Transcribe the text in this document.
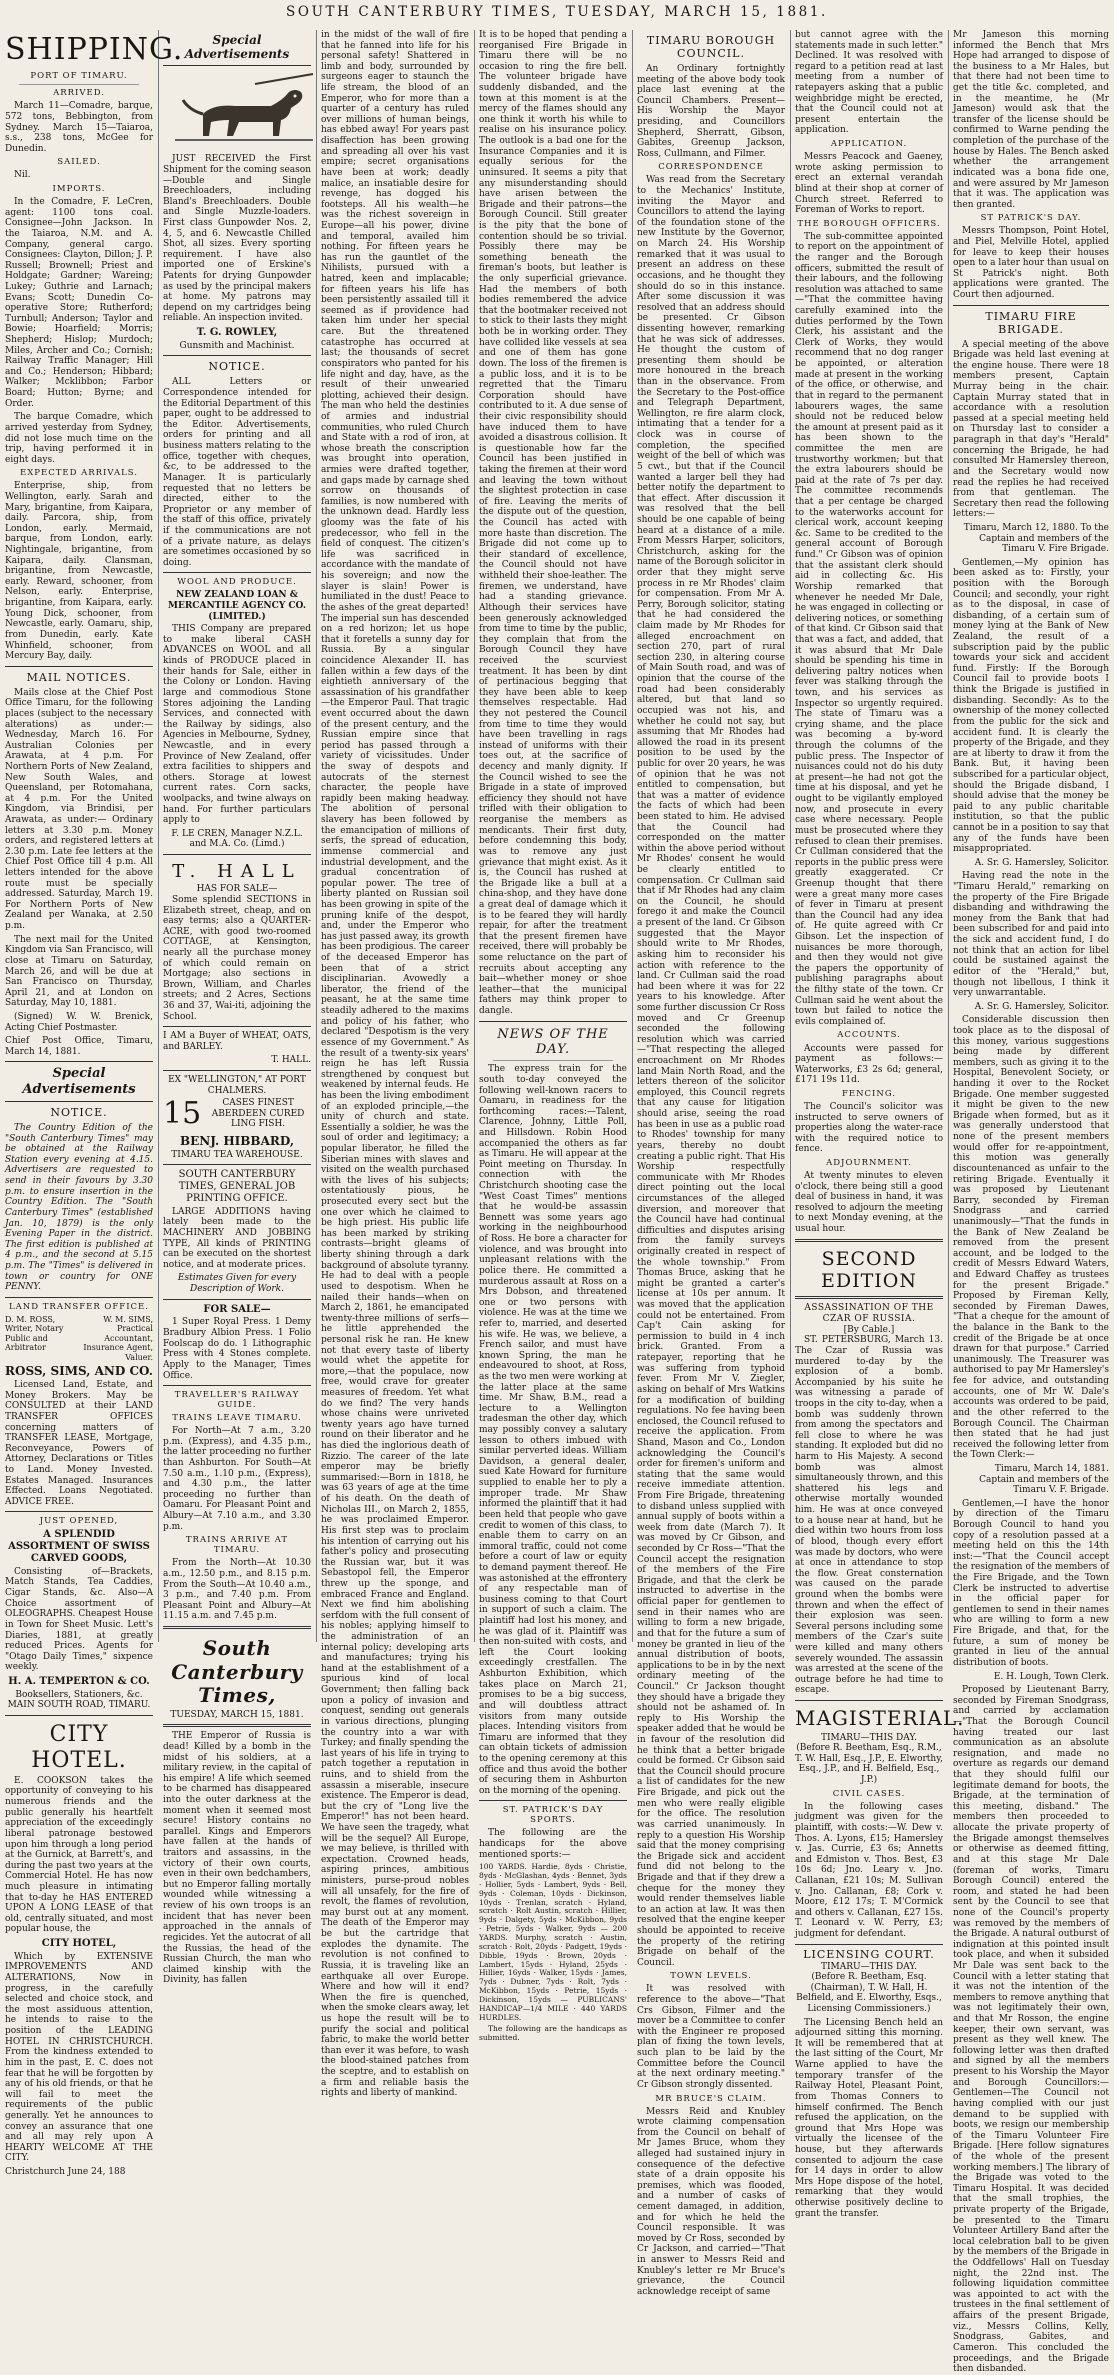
SOUTH CANTERBURY TIMES, TUESDAY, MARCH 15, 1881.
SHIPPING.
PORT OF TIMARU.
ARRIVED.

March 11—Comadre, barque, 572 tons, Bebbington, from Sydney. March 15—Taiaroa, s.s., 238 tons, McGee for Dunedin.

SAILED.

Nil.

IMPORTS.

In the Comadre, F. LeCren, agent: 1100 tons coal. Consignee—John Jackson. In the Taiaroa, N.M. and A. Company, general cargo. Consignees: Clayton, Dillon; J. P. Russell; Brownell; Priest and Holdgate; Gardner; Wareing; Lukey; Guthrie and Larnach; Evans; Scott; Dunedin Co-operative Store; Rutherford; Turnbull; Anderson; Taylor and Bowie; Hoarfield; Morris; Shepherd; Hislop; Murdoch; Miles, Archer and Co.; Cornish; Railway Traffic Manager; Hill and Co.; Henderson; Hibbard; Walker; Mcklibbon; Farbor Board; Hutton; Byrne; and Order.

The barque Comadre, which arrived yesterday from Sydney, did not lose much time on the trip, having performed it in eight days.

EXPECTED ARRIVALS.

Enterprise, ship, from Wellington, early. Sarah and Mary, brigantine, from Kaipara, daily. Parcora, ship, from London, early. Mermaid, barque, from London, early. Nightingale, brigantine, from Kaipara, daily. Clansman, brigantine, from Newcastle, early. Reward, schooner, from Nelson, early. Enterprise, brigantine, from Kaipara, early. Young Dick, schooner, from Newcastle, early. Oamaru, ship, from Dunedin, early. Kate Whinfield, schooner, from Mercury Bay, daily.

MAIL NOTICES.

Mails close at the Chief Post Office Timaru, for the following places (subject to the necessary alterations) as under:— Wednesday, March 16. For Australian Colonies per Arawata, at 4 p.m. For Northern Ports of New Zealand, New South Wales, and Queensland, per Rotomahana, at 4 p.m. For the United Kingdom, via Brindisi, per Arawata, as under:— Ordinary letters at 3.30 p.m. Money orders, and registered letters at 2.30 p.m. Late fee letters at the Chief Post Office till 4 p.m. All letters intended for the above route must be specially addressed. Saturday, March 19. For Northern Ports of New Zealand per Wanaka, at 2.50 p.m.

The next mail for the United Kingdom via San Francisco, will close at Timaru on Saturday, March 26, and will be due at San Francisco on Thursday, April 21, and at London on Saturday, May 10, 1881.

(Signed) W. W. Brenick, Acting Chief Postmaster.

Chief Post Office, Timaru, March 14, 1881.

Special Advertisements
NOTICE.

The Country Edition of the "South Canterbury Times" may be obtained at the Railway Station every evening at 4.15. Advertisers are requested to send in their favours by 3.30 p.m. to ensure insertion in the Country Edition. The "South Canterbury Times" (established Jan. 10, 1879) is the only Evening Paper in the district. The first edition is published at 4 p.m., and the second at 5.15 p.m. The "Times" is delivered in town or country for ONE PENNY.

LAND TRANSFER OFFICE.
D. M. ROSS, Writer, Notary Public and Arbitrator
W. M. SIMS, Practical Accountant, Insurance Agent, Valuer.
ROSS, SIMS, AND CO.

Licensed Land, Estate, and Money Brokers. May be CONSULTED at their LAND TRANSFER OFFICES concerning matters of TRANSFER LEASE, Mortgage, Reconveyance, Powers of Attorney, Declarations or Titles to Land. Money Invested. Estates Managed. Insurances Effected. Loans Negotiated. ADVICE FREE.

JUST OPENED,
A SPLENDID ASSORTMENT OF SWISS CARVED GOODS,

Consisting of—Brackets, Match Stands, Tea Caddies, Cigar Stands, &c. Also—A Choice assortment of OLEOGRAPHS. Cheapest House in Town for Sheet Music. Lett's Diaries, 1881, at greatly reduced Prices. Agents for "Otago Daily Times," sixpence weekly.

H. A. TEMPERTON & CO.
Booksellers, Stationers, &c. MAIN SOUTH ROAD, TIMARU.
CITY HOTEL.

E. COOKSON takes the opportunity of conveying to his numerous friends and the public generally his heartfelt appreciation of the exceedingly liberal patronage bestowed upon him through a long period at the Gurnick, at Barrett's, and during the past two years at the Commercial Hotel. He has now much pleasure in intimating that to-day he HAS ENTERED UPON A LONG LEASE of that old, centrally situated, and most popular house, the

CITY HOTEL,

Which by EXTENSIVE IMPROVEMENTS AND ALTERATIONS, Now in progress, in the carefully selected and choice stock, and the most assiduous attention, he intends to raise to the position of the LEADING HOTEL IN CHRISTCHURCH. From the kindness extended to him in the past, E. C. does not fear that he will be forgotten by any of his old friends, or that he will fail to meet the requirements of the public generally. Yet he announces to convey an assurance that one and all may rely upon A HEARTY WELCOME AT THE CITY.

Christchurch June 24, 188

Special Advertisements

JUST RECEIVED the First Shipment for the coming season—Double and Single Breechloaders, including Bland's Breechloaders. Double and Single Muzzle-loaders. First class Gunpowder Nos. 2, 4, 5, and 6. Newcastle Chilled Shot, all sizes. Every sporting requirement. I have also imported one of Erskine's Patents for drying Gunpowder as used by the principal makers at home. My patrons may depend on my cartridges being reliable. An inspection invited.

T. G. ROWLEY,
Gunsmith and Machinist.
NOTICE.

ALL Letters or Correspondence intended for the Editorial Department of this paper, ought to be addressed to the Editor. Advertisements, orders for printing and all business matters relating to the office, together with cheques, &c, to be addressed to the Manager. It is particularly requested that no letters be directed, either to the Proprietor or any member of the staff of this office, privately if the communications are not of a private nature, as delays are sometimes occasioned by so doing.

WOOL AND PRODUCE.
NEW ZEALAND LOAN & MERCANTILE AGENCY CO. (LIMITED.)

THIS Company are prepared to make liberal CASH ADVANCES on WOOL and all kinds of PRODUCE placed in their hands for Sale, either in the Colony or London. Having large and commodious Stone Stores adjoining the Landing Services, and connected with the Railway by sidings, also Agencies in Melbourne, Sydney, Newcastle, and in every Province of New Zealand, offer extra facilities to shippers and others. Storage at lowest current rates. Corn sacks, woolpacks, and twine always on hand. For further particulars apply to

F. LE CREN, Manager N.Z.L. and M.A. Co. (Limd.)

T. HALL
HAS FOR SALE—

Some splendid SECTIONS in Elizabeth street, cheap, and on easy terms; also a QUARTER-ACRE, with good two-roomed COTTAGE, at Kensington, nearly all the purchase money of which could remain on Mortgage; also sections in Brown, William, and Charles streets; and 2 Acres, Sections 36 and 37, Wai-iti, adjoining the School.

I AM a Buyer of WHEAT, OATS, and BARLEY.

T. HALL.
EX "WELLINGTON," AT PORT CHALMERS.
15	CASES FINEST ABERDEEN CURED LING FISH.
BENJ. HIBBARD,
TIMARU TEA WAREHOUSE.
SOUTH CANTERBURY TIMES, GENERAL JOB PRINTING OFFICE.

LARGE ADDITIONS having lately been made to the MACHINERY AND JOBBING TYPE, All kinds of PRINTING can be executed on the shortest notice, and at moderate prices.

Estimates Given for every Description of Work.

FOR SALE—

1 Super Royal Press. 1 Demy Bradbury Albion Press. 1 Folio Foolscap do do. 1 Lithographic Press with 4 Stones complete. Apply to the Manager, Times Office.

TRAVELLER'S RAILWAY GUIDE.
TRAINS LEAVE TIMARU.

For North—At 7 a.m., 3.20 p.m. (Express), and 4.35 p.m., the latter proceeding no further than Ashburton. For South—At 7.50 a.m., 1.10 p.m., (Express), and 4.30 p.m., the latter proceeding no further than Oamaru. For Pleasant Point and Albury—At 7.10 a.m., and 3.30 p.m.

TRAINS ARRIVE AT TIMARU.

From the North—At 10.30 a.m., 12.50 p.m., and 8.15 p.m. From the South—At 10.40 a.m., 3 p.m., and 7.40 p.m. From Pleasant Point and Albury—At 11.15 a.m. and 7.45 p.m.

South Canterbury Times,
TUESDAY, MARCH 15, 1881.

THE Emperor of Russia is dead! Killed by a bomb in the midst of his soldiers, at a military review, in the capital of his empire! A life which seemed to be charmed has disappeared into the outer darkness at the moment when it seemed most secure! History contains no parallel. Kings and Emperors have fallen at the hands of traitors and assassins, in the victory of their own courts, even in their own bedchambers, but no Emperor falling mortally wounded while witnessing a review of his own troops is an incident that has never been approached in the annals of regicides. Yet the autocrat of all the Russias, the head of the Russian Church, the man who claimed kinship with the Divinity, has fallen

in the midst of the wall of fire that he fanned into life for his personal safety! Shattered in limb and body, surrounded by surgeons eager to staunch the life stream, the blood of an Emperor, who for more than a quarter of a century has ruled over millions of human beings, has ebbed away! For years past disaffection has been growing and spreading all over his vast empire; secret organisations have been at work; deadly malice, an insatiable desire for revenge, has dogged his footsteps. All his wealth—he was the richest sovereign in Europe—all his power, divine and temporal, availed him nothing. For fifteen years he has run the gauntlet of the Nihilists, pursued with a hatred, keen and implacable; for fifteen years his life has been persistently assailed till it seemed as if providence had taken him under her special care. But the threatened catastrophe has occurred at last; the thousands of secret conspirators who panted for his life night and day, have, as the result of their unwearied plotting, achieved their design. The man who held the destinies of armies and industrial communities, who ruled Church and State with a rod of iron, at whose breath the conscription was brought into operation, armies were drafted together, and gaps made by carnage shed sorrow on thousands of families, is now numbered with the unknown dead. Hardly less gloomy was the fate of his predecessor, who fell in the field of conquest. The citizen's life was sacrificed in accordance with the mandate of his sovereign; and now the slayer is slain! Power is humiliated in the dust! Peace to the ashes of the great departed! The imperial sun has descended on a red horizon; let us hope that it foretells a sunny day for Russia. By a singular coincidence Alexander II. has fallen within a few days of the eightieth anniversary of the assassination of his grandfather—the Emperor Paul. That tragic event occurred about the dawn of the present century, and the Russian empire since that period has passed through a variety of vicissitudes. Under the sway of despots and autocrats of the sternest character, the people have rapidly been making headway. The abolition of personal slavery has been followed by the emancipation of millions of serfs, the spread of education, immense commercial and industrial development, and the gradual concentration of popular power. The tree of liberty planted on Russian soil has been growing in spite of the pruning knife of the despot, and, under the Emperor who has just passed away, its growth has been prodigious. The career of the deceased Emperor has been that of a strict disciplinarian. Avowedly a liberator, the friend of the peasant, he at the same time steadily adhered to the maxims and policy of his father, who declared "Despotism is the very essence of my Government." As the result of a twenty-six years' reign he has left Russia strengthened by conquest but weakened by internal feuds. He has been the living embodiment of an exploded principle,—the unity of church and state. Essentially a soldier, he was the soul of order and legitimacy; a popular liberator, he filled the Siberian mines with slaves and visited on the wealth purchased with the lives of his subjects; ostentatiously pious, he prosecuted every sect but the one over which he claimed to be high priest. His public life has been marked by striking contrasts—bright gleams of liberty shining through a dark background of absolute tyranny. He had to deal with a people used to despotism. When he nailed their hands—when on March 2, 1861, he emancipated twenty-three millions of serfs—he little apprehended the personal risk he ran. He knew not that every taste of liberty would whet the appetite for more,—that the populace, now free, would crave for greater measures of freedom. Yet what do we find? The very hands whose chains were unriveted twenty years ago have turned round on their liberator and he has died the inglorious death of Rizzio. The career of the late emperor may be briefly summarised:—Born in 1818, he was 63 years of age at the time of his death. On the death of Nicholas III., on March 2, 1855, he was proclaimed Emperor. His first step was to proclaim his intention of carrying out his father's policy and prosecuting the Russian war, but it was Sebastopol fell, the Emperor threw up the sponge, and embraced France and England. Next we find him abolishing serfdom with the full consent of his nobles; applying himself to the administration of an internal policy; developing arts and manufactures; trying his hand at the establishment of a spurious kind of local Government; then falling back upon a policy of invasion and conquest, sending out generals in various directions, plunging the country into a war with Turkey; and finally spending the last years of his life in trying to patch together a reputation in ruins, and to shield from the assassin a miserable, insecure existence. The Emperor is dead, but the cry of "Long live the Emperor!" has not been heard. We have seen the tragedy, what will be the sequel? All Europe, we may believe, is thrilled with expectation. Crowned heads, aspiring princes, ambitious ministers, purse-proud nobles will all unsafely, for the fire of revolt, the flames of revolution, may burst out at any moment. The death of the Emperor may be but the cartridge that explodes the dynamite. The revolution is not confined to Russia, it is traveling like an earthquake all over Europe. Where and how will it end? When the fire is quenched, when the smoke clears away, let us hope the result will be to purify the social and political fabric, to make the world better than ever it was before, to wash the blood-stained patches from the sceptre, and to establish on a firm and reliable basis the rights and liberty of mankind.

It is to be hoped that pending a reorganised Fire Brigade in Timaru there will be no occasion to ring the fire bell. The volunteer brigade have suddenly disbanded, and the town at this moment is at the mercy of the flames should any one think it worth his while to realise on his insurance policy. The outlook is a bad one for the Insurance Companies and it is equally serious for the uninsured. It seems a pity that any misunderstanding should have arisen between the Brigade and their patrons—the Borough Council. Still greater is the pity that the bone of contention should be so trivial. Possibly there may be something beneath the fireman's boots, but leather is the only superficial grievance. Had the members of both bodies remembered the advice that the bootmaker received not to stick to their lasts they might both be in working order. They have collided like vessels at sea and one of them has gone down. The loss of the firemen is a public loss, and it is to be regretted that the Timaru Corporation should have contributed to it. A due sense of their civic responsibility should have induced them to have avoided a disastrous collision. It is questionable how far the Council has been justified in taking the firemen at their word and leaving the town without the slightest protection in case of fire. Leaving the merits of the dispute out of the question, the Council has acted with more haste than discretion. The Brigade did not come up to their standard of excellence, the Council should not have withheld their shoe-leather. The firemen, we understand, have had a standing grievance. Although their services have been generously acknowledged from time to time by the public, they complain that from the Borough Council they have received the scurviest treatment. It has been by dint of pertinacious begging that they have been able to keep themselves respectable. Had they not pestered the Council from time to time they would have been travelling in rags instead of uniforms with their toes out, at the sacrifice of decency and manly dignity. If the Council wished to see the Brigade in a state of improved efficiency they should not have trifled with their obligation to reorganise the members as mendicants. Their first duty, before condemning this body, was to remove any just grievance that might exist. As it is, the Council has rushed at the Brigade like a bull at a china-shop, and they have done a great deal of damage which it is to be feared they will hardly repair, for after the treatment that the present firemen have received, there will probably be some reluctance on the part of recruits about accepting any bait—whether money or shoe leather—that the municipal fathers may think proper to dangle.

NEWS OF THE DAY.

The express train for the south to-day conveyed the following well-known racers to Oamaru, in readiness for the forthcoming races:—Talent, Clarence, Johnny, Little Poll, and Hillsdown. Robin Hood accompanied the others as far as Timaru. He will appear at the Point meeting on Thursday. In connection with the Christchurch shooting case the "West Coast Times" mentions that he would-be assassin Bennett was some years ago working in the neighbourhood of Ross. He bore a character for violence, and was brought into unpleasant relations with the police there. He committed a murderous assault at Ross on a Mrs Dobson, and threatened one or two persons with violence. He was at the time we refer to, married, and deserted his wife. He was, we believe, a French sailor, and must have known Spring, the man he endeavoured to shoot, at Ross, as the two men were working at the latter place at the same time. Mr Shaw, B.M., read a lecture to a Wellington tradesman the other day, which may possibly convey a salutary lesson to others imbued with similar perverted ideas. William Davidson, a general dealer, sued Kate Howard for furniture supplied to enable her to ply a improper trade. Mr Shaw informed the plaintiff that it had been held that people who gave credit to women of this class, to enable them to carry on an immoral traffic, could not come before a court of law or equity to demand payment thereof. He was astonished at the effrontery of any respectable man of business coming to that Court in support of such a claim. The plaintiff had lost his money, and he was glad of it. Plaintiff was then non-suited with costs, and left the Court looking exceedingly crestfallen. The Ashburton Exhibition, which takes place on March 21, promises to be a big success, and will doubtless attract visitors from many outside places. Intending visitors from Timaru are informed that they can obtain tickets of admission to the opening ceremony at this office and thus avoid the bother of securing them in Ashburton on the morning of the opening.

ST. PATRICK'S DAY SPORTS.

The following are the handicaps for the above mentioned sports:—

100 YARDS. Hardie, 8yds · Christie, 8yds · McGlashan, 4yds · Bennet, 3yds · Hollier, 5yds · Lambert, 9yds · Bell, 9yds · Coleman, 10yds · Dickinson, 10yds · Trenlan, scratch · Hyland, scratch · Rolt Austin, scratch · Hillier, 9yds · Dalgety, 5yds · McKibbon, 9yds · Petrie, 5yds · Walker, 9yds — 200 YARDS. Murphy, scratch · Austin, scratch · Rolt, 20yds · Padgett, 19yds · Dibble, 19yds · Brown, 20yds · Lambert, 15yds · Hyland, 25yds · Hillier, 16yds · Walker, 15yds · James, 7yds · Dubner, 7yds · Rolt, 7yds · McKibbon, 15yds · Petrie, 15yds · Dickinson, 15yds — PUBLICANS' HANDICAP—1/4 MILE · 440 YARDS HURDLES.

The following are the handicaps as submitted.

TIMARU BOROUGH COUNCIL.

An Ordinary fortnightly meeting of the above body took place last evening at the Council Chambers. Present—His Worship the Mayor presiding, and Councillors Shepherd, Sherratt, Gibson, Gabites, Greenup Jackson, Ross, Cullmann, and Filmer.

CORRESPONDENCE

Was read from the Secretary to the Mechanics' Institute, inviting the Mayor and Councillors to attend the laying of the foundation stone of the new Institute by the Governor, on March 24. His Worship remarked that it was usual to present an address on these occasions, and he thought they should do so in this instance. After some discussion it was resolved that an address should be presented. Cr Gibson dissenting however, remarking that he was sick of addresses. He thought the custom of presenting them should be more honoured in the breach than in the observance. From the Secretary to the Post-office and Telegraph Department, Wellington, re fire alarm clock, intimating that a tender for a clock was in course of completion, the specified weight of the bell of which was 5 cwt., but that if the Council wanted a larger bell they had better notify the department to that effect. After discussion it was resolved that the bell should be one capable of being heard at a distance of a mile. From Messrs Harper, solicitors, Christchurch, asking for the name of the Borough solicitor in order that they might serve process in re Mr Rhodes' claim for compensation. From Mr A. Perry, Borough solicitor, stating that he had considered the claim made by Mr Rhodes for alleged encroachment on section 270, part of rural section 230, in altering course of Main South road, and was of opinion that the course of the road had been considerably altered, but that land so occupied was not his, and whether he could not say, but assuming that Mr Rhodes had allowed the road in its present position to be used by the public for over 20 years, he was of opinion that he was not entitled to compensation, but that was a matter of evidence the facts of which had been been stated to him. He advised that the Council had corresponded on the matter within the above period without Mr Rhodes' consent he would be clearly entitled to compensation. Cr Cullman said that if Mr Rhodes had any claim on the Council, he should forego it and make the Council a present of the land. Cr Gibson suggested that the Mayor should write to Mr Rhodes, asking him to reconsider his action with reference to the land. Cr Cullman said the road had been where it was for 22 years to his knowledge. After some further discussion Cr Ross moved and Cr Greenup seconded the following resolution which was carried—"That respecting the alleged encroachment on Mr Rhodes land Main North Road, and the letters thereon of the solicitor employed, this Council regrets that any cause for litigation should arise, seeing the road has been in use as a public road to Rhodes' township for many years, thereby no doubt creating a public right. That His Worship respectfully communicate with Mr Rhodes direct pointing out the local circumstances of the alleged diversion, and moreover that the Council have had continual difficulties and disputes arising from the family surveys originally created in respect of the whole township." From Thomas Bruce, asking that he might be granted a carter's license at 10s per annum. It was moved that the application could not be entertained. From Cap't Cain asking for permission to build in 4 inch brick. Granted. From a ratepayer, reporting that he was suffering from typhoid fever. From Mr V. Ziegler, asking on behalf of Mrs Watkins for a modification of building regulations. No fee having been enclosed, the Council refused to receive the application. From Shand, Mason and Co., London acknowledging the Council's order for firemen's uniform and stating that the same would receive immediate attention. From Fire Brigade, threatening to disband unless supplied with annual supply of boots within a week from date (March 7). It was moved by Cr Gibson, and seconded by Cr Ross—"That the Council accept the resignation of the members of the Fire Brigade, and that the clerk be instructed to advertise in the official paper for gentlemen to send in their names who are willing to form a new brigade, and that for the future a sum of money be granted in lieu of the annual distribution of boots, applications to be in by the next ordinary meeting of the Council." Cr Jackson thought they should have a brigade they should not be ashamed of. In reply to His Worship the speaker added that he would be in favour of the resolution did he think that a better brigade could be formed. Cr Gibson said that the Council should procure a list of candidates for the new Fire Brigade, and pick out the men who were really eligible for the office. The resolution was carried unanimously. In reply to a question His Worship said that the money comprising the Brigade sick and accident fund did not belong to the Brigade and that if they drew a cheque for the money they would render themselves liable to an action at law. It was then resolved that the engine keeper should be appointed to receive the property of the retiring Brigade on behalf of the Council.

TOWN LEVELS.

It was resolved with reference to the above—"That Crs Gibson, Filmer and the mover be a Committee to confer with the Engineer re proposed plan of fixing the town levels, such plan to be laid by the Committee before the Council at the next ordinary meeting." Cr Gibson strongly dissented.

MR BRUCE'S CLAIM.

Messrs Reid and Knubley wrote claiming compensation from the Council on behalf of Mr James Bruce, whom they alleged had sustained injury in consequence of the defective state of a drain opposite his premises, which was flooded, and a number of casks of cement damaged, in addition, and for which he held the Council responsible. It was moved by Cr Ross, seconded by Cr Jackson, and carried—"That in answer to Messrs Reid and Knubley's letter re Mr Bruce's grievance, the Council acknowledge receipt of same

but cannot agree with the statements made in such letter." Declined. It was resolved with regard to a petition read at last meeting from a number of ratepayers asking that a public weighbridge might be erected, that the Council could not at present entertain the application.

APPLICATION.

Messrs Peacock and Gaeney, wrote asking permission to erect an external verandah blind at their shop at corner of Church street. Referred to Foreman of Works to report.

THE BOROUGH OFFICERS.

The sub-committee appointed to report on the appointment of the ranger and the Borough officers, submitted the result of their labours, and the following resolution was attached to same—"That the committee having carefully examined into the duties performed by the Town Clerk, his assistant and the Clerk of Works, they would recommend that no dog ranger be appointed, or alteration made at present in the working of the office, or otherwise, and that in regard to the permanent labourers wages, the same should not be reduced below the amount at present paid as it has been shown to the committee the men are trustworthy workmen; but that the extra labourers should be paid at the rate of 7s per day. The committee recommends that a per centage be charged to the waterworks account for clerical work, account keeping &c. Same to be credited to the general account of Borough fund." Cr Gibson was of opinion that the assistant clerk should aid in collecting &c. His Worship remarked that whenever he needed Mr Dale, he was engaged in collecting or delivering notices, or something of that kind. Cr Gibson said that that was a fact, and added, that it was absurd that Mr Dale should be spending his time in delivering paltry notices when fever was stalking through the town, and his services as Inspector so urgently required. The state of Timaru was a crying shame, and the place was becoming a by-word through the columns of the public press. The Inspector of nuisances could not do his duty at present—he had not got the time at his disposal, and yet he ought to be vigilantly employed now, and prosecute in every case where necessary. People must be prosecuted where they refused to clean their premises. Cr Cullman considered that the reports in the public press were greatly exaggerated. Cr Greenup thought that there were a great many more cases of fever in Timaru at present than the Council had any idea of. He quite agreed with Cr Gibson. Let the inspection of nuisances be more thorough, and then they would not give the papers the opportunity of publishing paragraphs about the filthy state of the town. Cr Cullman said he went about the town but failed to notice the evils complained of.

ACCOUNTS.

Accounts were passed for payment as follows:— Waterworks, £3 2s 6d; general, £171 19s 11d.

FENCING.

The Council's solicitor was instructed to serve owners of properties along the water-race with the required notice to fence.

ADJOURNMENT.

At twenty minutes to eleven o'clock, there being still a good deal of business in hand, it was resolved to adjourn the meeting to next Monday evening, at the usual hour.

SECOND EDITION
ASSASSINATION OF THE CZAR OF RUSSIA.
[By Cable.]

ST. PETERSBURG, March 13. The Czar of Russia was murdered to-day by the explosion of a bomb. Accompanied by his suite he was witnessing a parade of troops in the city to-day, when a bomb was suddenly thrown from among the spectators and fell close to where he was standing. It exploded but did no harm to His Majesty. A second bomb was almost simultaneously thrown, and this shattered his legs and otherwise mortally wounded him. He was at once conveyed to a house near at hand, but he died within two hours from loss of blood, though every effort was made by doctors, who were at once in attendance to stop the flow. Great consternation was caused on the parade ground when the bombs were thrown and when the effect of their explosion was seen. Several persons including some members of the Czar's suite were killed and many others severely wounded. The assassin was arrested at the scene of the outrage before he had time to escape.

MAGISTERIAL.
TIMARU—THIS DAY.

(Before R. Beetham, Esq., R.M., T. W. Hall, Esq., J.P., E. Elworthy, Esq., J.P., and H. Belfield, Esq., J.P.)

CIVIL CASES.

In the following cases judgment was given for the plaintiff, with costs:—W. Dew v. Thos. A. Lyons, £15; Hamersley v. Jas. Currie, £3 6s; Annetts and Edmiston v. Thos. Best, £3 10s 6d; Jno. Leary v. Jno. Callanan, £21 10s; M. Sullivan v. Jno. Callanan, £8; Cork v. Moore, £12 17s; T. M'Cormick and others v. Callanan, £27 15s. T. Leonard v. W. Perry, £3; judgment for defendant.

LICENSING COURT.
TIMARU—THIS DAY.

(Before R. Beetham, Esq. (Chairman), T. W. Hall, H. Belfield, and E. Elworthy, Esqs., Licensing Commissioners.)

The Licensing Bench held an adjourned sitting this morning. It will be remembered that at the last sitting of the Court, Mr Warne applied to have the temporary transfer of the Railway Hotel, Pleasant Point, from Thomas Conners to himself confirmed. The Bench refused the application, on the ground that Mrs Hope was virtually the licensee of the house, but they afterwards consented to adjourn the case for 14 days in order to allow Mrs Hope dispose of the hotel, remarking that they would otherwise positively decline to grant the transfer.

Mr Jameson this morning informed the Bench that Mrs Hope had arranged to dispose of the business to a Mr Hales, but that there had not been time to get the title &c. completed, and in the meantime, he (Mr Jameson) would ask that the transfer of the license should be confirmed to Warne pending the completion of the purchase of the house by Hales. The Bench asked whether the arrangement indicated was a bona fide one, and were assured by Mr Jameson that it was. The application was then granted.

ST PATRICK'S DAY.

Messrs Thompson, Point Hotel, and Piel, Melville Hotel, applied for leave to keep their houses open to a later hour than usual on St Patrick's night. Both applications were granted. The Court then adjourned.

TIMARU FIRE BRIGADE.

A special meeting of the above Brigade was held last evening at the engine house. There were 18 members present, Captain Murray being in the chair. Captain Murray stated that in accordance with a resolution passed at a special meeting held on Thursday last to consider a paragraph in that day's "Herald" concerning the Brigade, he had consulted Mr Hamersley thereon, and the Secretary would now read the replies he had received from that gentleman. The Secretary then read the following letters:—

Timaru, March 12, 1880. To the Captain and members of the Timaru V. Fire Brigade.

Gentlemen,—My opinion has been asked as to: Firstly, your position with the Borough Council; and secondly, your right as to the disposal, in case of disbanding, of a certain sum of money lying at the Bank of New Zealand, the result of a subscription paid by the public towards your sick and accident fund. Firstly: If the Borough Council fail to provide boots I think the Brigade is justified in disbanding. Secondly: As to the ownership of the money collected from the public for the sick and accident fund. It is clearly the property of the Brigade, and they are at liberty to draw it from the Bank. But, it having been subscribed for a particular object, should the Brigade disband, I should advise that the money be paid to any public charitable institution, so that the public cannot be in a position to say that any of the funds have been misappropriated.

A. Sr. G. Hamersley, Solicitor.

Having read the note in the "Timaru Herald," remarking on the property of the Fire Brigade disbanding and withdrawing the money from the Bank that had been subscribed for and paid into the sick and accident fund, I do not think that an action for libel could be sustained against the editor of the "Herald," but, though not libellous, I think it very unwarrantable.

A. Sr. G. Hamersley, Solicitor.

Considerable discussion then took place as to the disposal of this money, various suggestions being made by different members, such as giving it to the Hospital, Benevolent Society, or handing it over to the Rocket Brigade. One member suggested it might be given to the new Brigade when formed, but as it was generally understood that none of the present members would offer for re-appointment, this motion was generally discountenanced as unfair to the retiring Brigade. Eventually it was proposed by Lieutenant Barry, seconded by Fireman Snodgrass and carried unanimously—"That the funds in the Bank of New Zealand be removed from the present account, and be lodged to the credit of Messrs Edward Waters, and Edward Chaffey as trustees for the present Brigade." Proposed by Fireman Kelly, seconded by Fireman Dawes, "That a cheque for the amount of the balance in the Bank to the credit of the Brigade be at once drawn for that purpose." Carried unanimously. The Treasurer was authorised to pay Mr Hamersley's fee for advice, and outstanding accounts, one of Mr W. Dale's accounts was ordered to be paid, and the other referred to the Borough Council. The Chairman then stated that he had just received the following letter from the Town Clerk:—

Timaru, March 14, 1881. Captain and members of the Timaru V. F. Brigade.

Gentlemen,—I have the honor by direction of the Timaru Borough Council to hand you copy of a resolution passed at a meeting held on this the 14th inst:—"That the Council accept the resignation of the members of the Fire Brigade, and the Town Clerk be instructed to advertise in the official paper for gentlemen to send in their names who are willing to form a new Fire Brigade, and that, for the future, a sum of money be granted in lieu of the annual distribution of boots.

E. H. Lough, Town Clerk.

Proposed by Lieutenant Barry, seconded by Fireman Snodgrass, and carried by acclamation—"That the Borough Council having treated our last communication as an absolute resignation, and made no overture as regards our demand that they should fulfil our legitimate demand for boots, the Brigade, at the termination of this meeting, disband." The members then proceeded to allocate the private property of the Brigade amongst themselves or otherwise as deemed fitting, and at this stage Mr Dale (foreman of works, Timaru Borough Council) entered the room, and stated he had been sent by the Council to see that none of the Council's property was removed by the members of the Brigade. A natural outburst of indignation at this pointed insult took place, and when it subsided Mr Dale was sent back to the Council with a letter stating that it was not the intention of the members to remove anything that was not legitimately their own, and that Mr Rosson, the engine keeper, their own servant, was present as they well knew. The following letter was then drafted and signed by all the members present to his Worship the Mayor and Borough Councillors:— Gentlemen—The Council not having complied with our just demand to be supplied with boots, we resign our membership of the Timaru Volunteer Fire Brigade. [Here follow signatures of the whole of the present working members.] The library of the Brigade was voted to the Timaru Hospital. It was decided that the small trophies, the private property of the Brigade, be presented to the Timaru Volunteer Artillery Band after the local celebration ball to be given by the members of the Brigade in the Oddfellows' Hall on Tuesday night, the 22nd inst. The following liquidation committee was appointed to act with the trustees in the final settlement of affairs of the present Brigade, viz., Messrs Collins, Kelly, Snodgrass, Gabites, and Cameron. This concluded the proceedings, and the Brigade then disbanded.
